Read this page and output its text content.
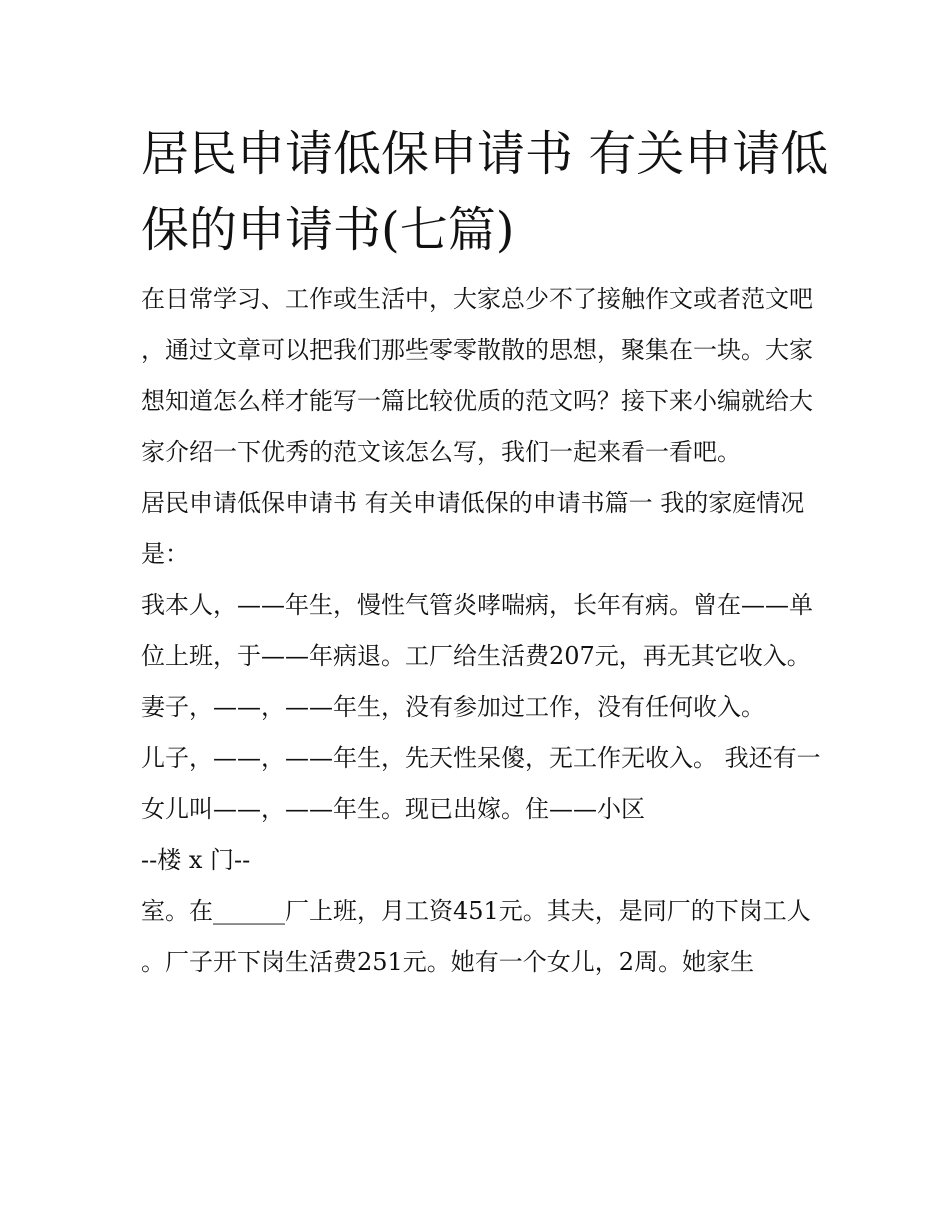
居民申请低保申请书 有关申请低保的申请书(七篇)

在日常学习、工作或生活中，大家总少不了接触作文或者范文吧，通过文章可以把我们那些零零散散的思想，聚集在一块。大家想知道怎么样才能写一篇比较优质的范文吗？接下来小编就给大家介绍一下优秀的范文该怎么写，我们一起来看一看吧。

居民申请低保申请书 有关申请低保的申请书篇一 我的家庭情况是：

我本人，——年生，慢性气管炎哮喘病，长年有病。曾在——单位上班，于——年病退。工厂给生活费207元，再无其它收入。

妻子，——，——年生，没有参加过工作，没有任何收入。

儿子，——，——年生，先天性呆傻，无工作无收入。 我还有一女儿叫——，——年生。现已出嫁。住——小区

--楼 x 门--

室。在______厂上班，月工资451元。其夫，是同厂的下岗工人。厂子开下岗生活费251元。她有一个女儿，2周。她家生
